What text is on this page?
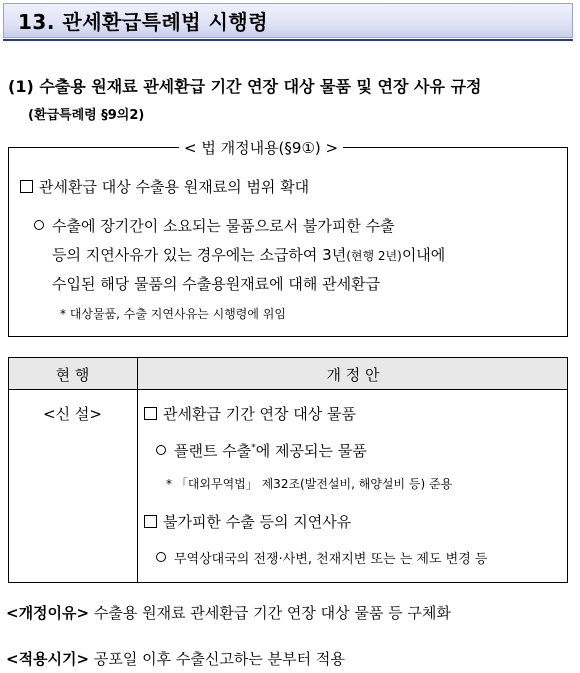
13. 관세환급특례법 시행령
(1) 수출용 원재료 관세환급 기간 연장 대상 물품 및 연장 사유 규정
(환급특례령 §9의2)
< 법 개정내용(§9①) >
관세환급 대상 수출용 원재료의 범위 확대
수출에 장기간이 소요되는 물품으로서 불가피한 수출
등의 지연사유가 있는 경우에는 소급하여 3년(현행 2년)이내에
수입된 해당 물품의 수출용원재료에 대해 관세환급
* 대상물품, 수출 지연사유는 시행령에 위임
현 행	개 정 안
<신 설>	관세환급 기간 연장 대상 물품
플랜트 수출*에 제공되는 물품
* 「대외무역법」 제32조(발전설비, 해양설비 등) 준용
불가피한 수출 등의 지연사유
무역상대국의 전쟁·사변, 천재지변 또는 는 제도 변경 등
<개정이유> 수출용 원재료 관세환급 기간 연장 대상 물품 등 구체화
<적용시기> 공포일 이후 수출신고하는 분부터 적용
